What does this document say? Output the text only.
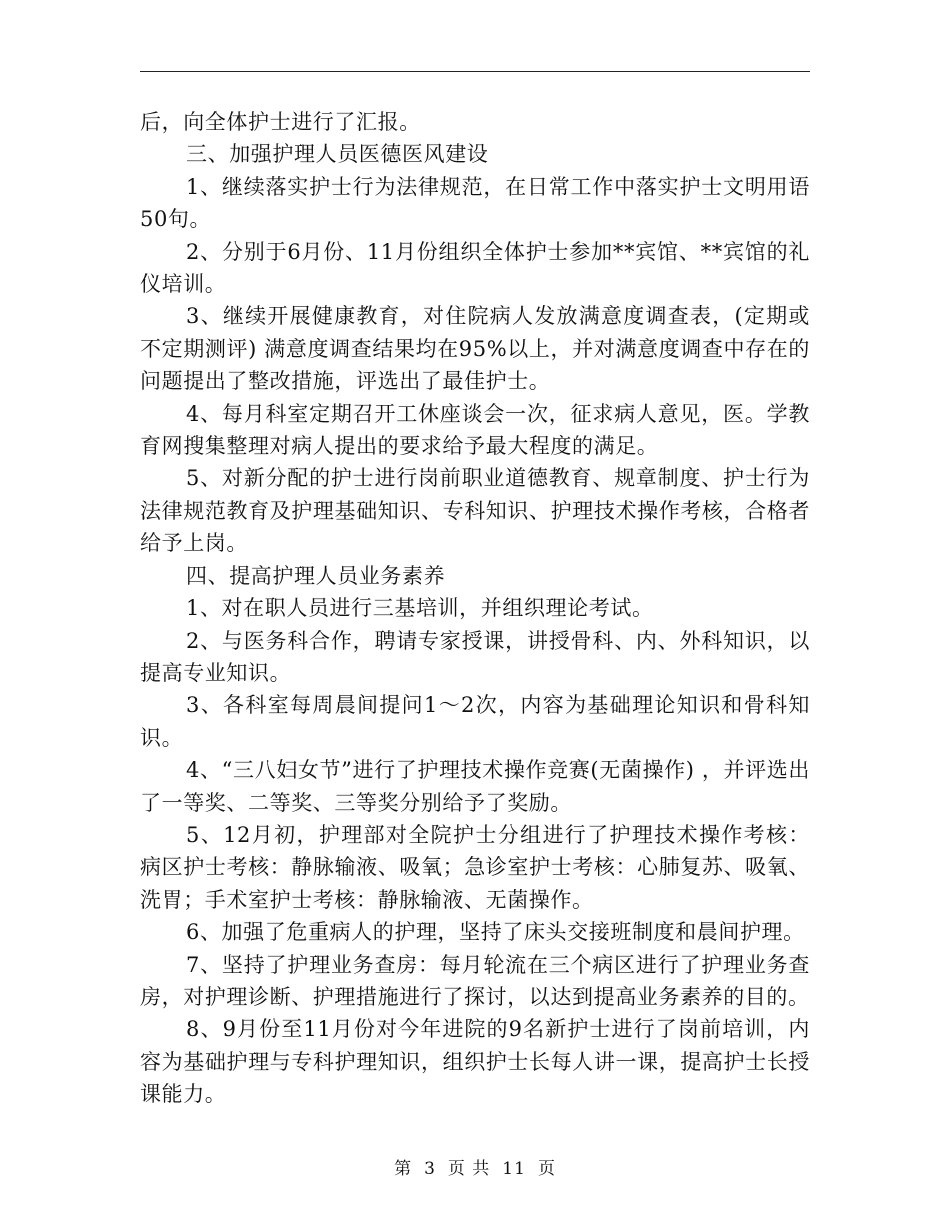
后，向全体护士进行了汇报。

三、加强护理人员医德医风建设

1、继续落实护士行为法律规范，在日常工作中落实护士文明用语50句。

2、分别于6月份、11月份组织全体护士参加**宾馆、**宾馆的礼仪培训。

3、继续开展健康教育，对住院病人发放满意度调查表，(定期或不定期测评) 满意度调查结果均在95%以上，并对满意度调查中存在的问题提出了整改措施，评选出了最佳护士。

4、每月科室定期召开工休座谈会一次，征求病人意见，医。学教育网搜集整理对病人提出的要求给予最大程度的满足。

5、对新分配的护士进行岗前职业道德教育、规章制度、护士行为法律规范教育及护理基础知识、专科知识、护理技术操作考核，合格者给予上岗。

四、提高护理人员业务素养

1、对在职人员进行三基培训，并组织理论考试。

2、与医务科合作，聘请专家授课，讲授骨科、内、外科知识，以提高专业知识。

3、各科室每周晨间提问1～2次，内容为基础理论知识和骨科知识。

4、“三八妇女节”进行了护理技术操作竞赛(无菌操作) ，并评选出了一等奖、二等奖、三等奖分别给予了奖励。

5、12月初，护理部对全院护士分组进行了护理技术操作考核：病区护士考核：静脉输液、吸氧；急诊室护士考核：心肺复苏、吸氧、洗胃；手术室护士考核：静脉输液、无菌操作。

6、加强了危重病人的护理，坚持了床头交接班制度和晨间护理。

7、坚持了护理业务查房：每月轮流在三个病区进行了护理业务查房，对护理诊断、护理措施进行了探讨，以达到提高业务素养的目的。

8、9月份至11月份对今年进院的9名新护士进行了岗前培训，内容为基础护理与专科护理知识，组织护士长每人讲一课，提高护士长授课能力。

第 3 页 共 11 页
